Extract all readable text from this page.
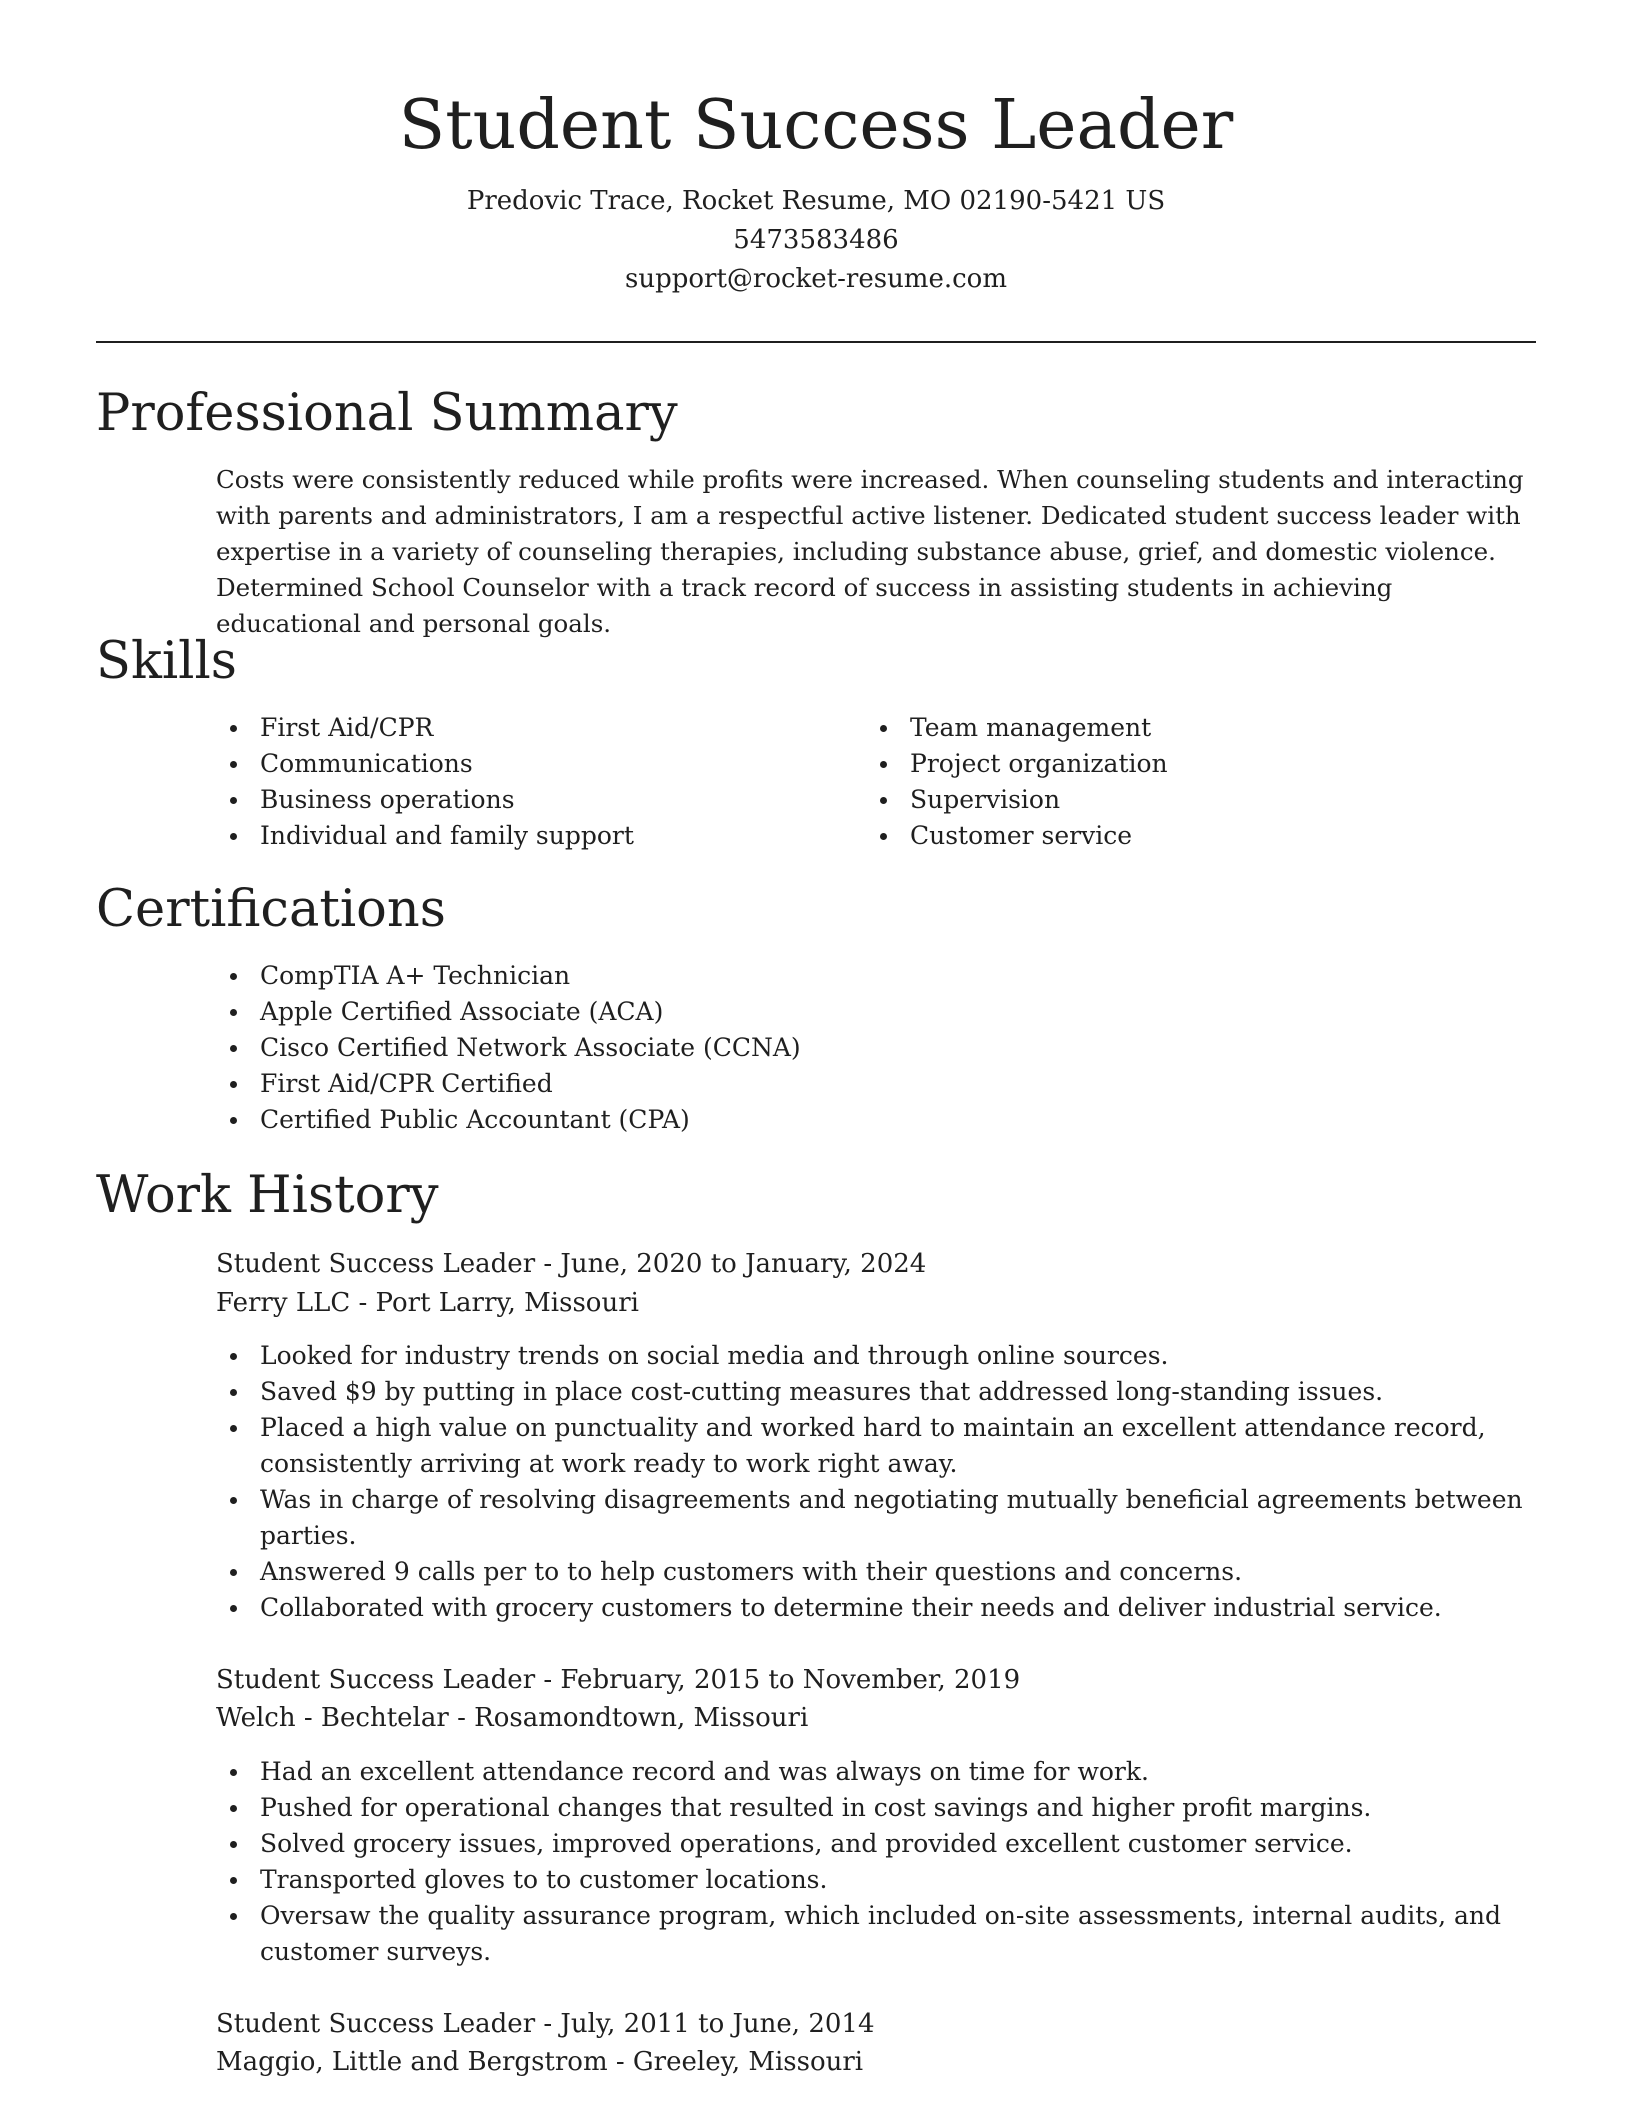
Student Success Leader

Predovic Trace, Rocket Resume, MO 02190-5421 US

5473583486

support@rocket-resume.com

Professional Summary

Costs were consistently reduced while profits were increased. When counseling students and interacting with parents and administrators, I am a respectful active listener. Dedicated student success leader with expertise in a variety of counseling therapies, including substance abuse, grief, and domestic violence. Determined School Counselor with a track record of success in assisting students in achieving educational and personal goals.

Skills
First Aid/CPR
Communications
Business operations
Individual and family support
Team management
Project organization
Supervision
Customer service
Certifications
CompTIA A+ Technician
Apple Certified Associate (ACA)
Cisco Certified Network Associate (CCNA)
First Aid/CPR Certified
Certified Public Accountant (CPA)
Work History

Student Success Leader - June, 2020 to January, 2024

Ferry LLC - Port Larry, Missouri

Looked for industry trends on social media and through online sources.
Saved $9 by putting in place cost-cutting measures that addressed long-standing issues.
Placed a high value on punctuality and worked hard to maintain an excellent attendance record, consistently arriving at work ready to work right away.
Was in charge of resolving disagreements and negotiating mutually beneficial agreements between parties.
Answered 9 calls per to to help customers with their questions and concerns.
Collaborated with grocery customers to determine their needs and deliver industrial service.

Student Success Leader - February, 2015 to November, 2019

Welch - Bechtelar - Rosamondtown, Missouri

Had an excellent attendance record and was always on time for work.
Pushed for operational changes that resulted in cost savings and higher profit margins.
Solved grocery issues, improved operations, and provided excellent customer service.
Transported gloves to to customer locations.
Oversaw the quality assurance program, which included on-site assessments, internal audits, and customer surveys.

Student Success Leader - July, 2011 to June, 2014

Maggio, Little and Bergstrom - Greeley, Missouri
